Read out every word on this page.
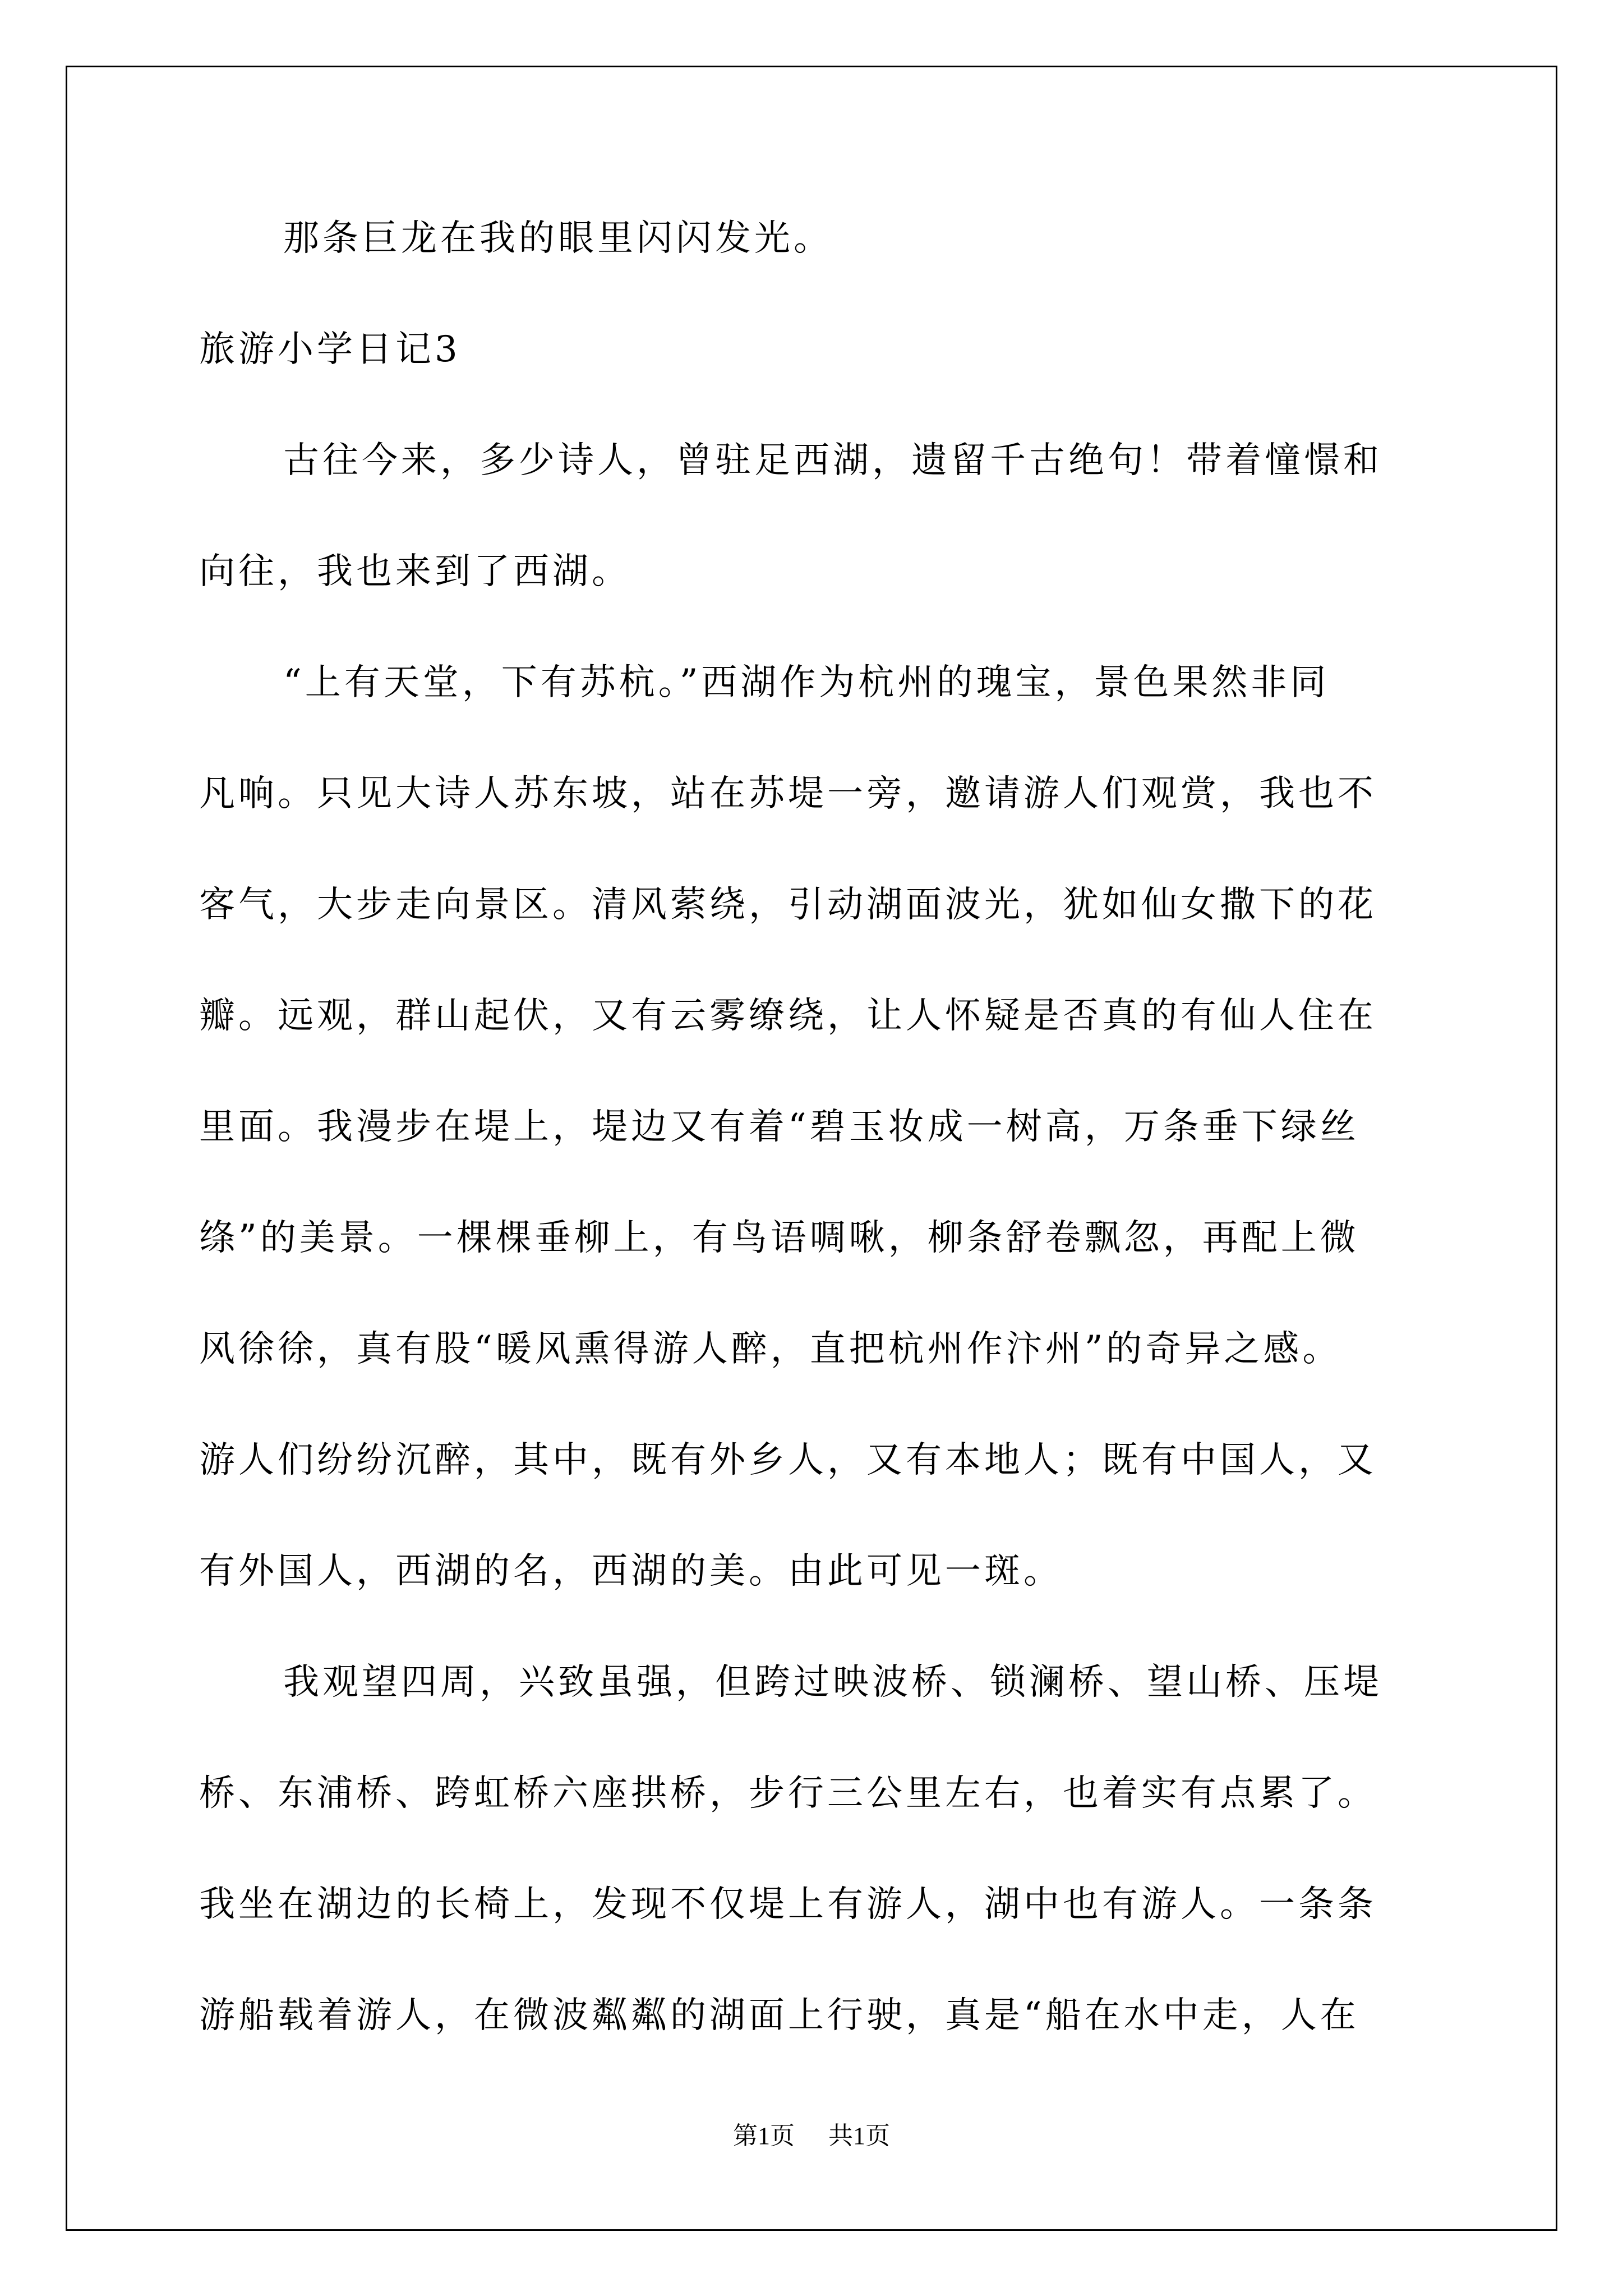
那条巨龙在我的眼里闪闪发光。
旅游小学日记3
古往今来，多少诗人，曾驻足西湖，遗留千古绝句！带着憧憬和
向往，我也来到了西湖。
“上有天堂，下有苏杭。”西湖作为杭州的瑰宝，景色果然非同
凡响。只见大诗人苏东坡，站在苏堤一旁，邀请游人们观赏，我也不
客气，大步走向景区。清风萦绕，引动湖面波光，犹如仙女撒下的花
瓣。远观，群山起伏，又有云雾缭绕，让人怀疑是否真的有仙人住在
里面。我漫步在堤上，堤边又有着“碧玉妆成一树高，万条垂下绿丝
绦”的美景。一棵棵垂柳上，有鸟语啁啾，柳条舒卷飘忽，再配上微
风徐徐，真有股“暖风熏得游人醉，直把杭州作汴州”的奇异之感。
游人们纷纷沉醉，其中，既有外乡人，又有本地人；既有中国人，又
有外国人，西湖的名，西湖的美。由此可见一斑。
我观望四周，兴致虽强，但跨过映波桥、锁澜桥、望山桥、压堤
桥、东浦桥、跨虹桥六座拱桥，步行三公里左右，也着实有点累了。
我坐在湖边的长椅上，发现不仅堤上有游人，湖中也有游人。一条条
游船载着游人，在微波粼粼的湖面上行驶，真是“船在水中走，人在
第1页 共1页
